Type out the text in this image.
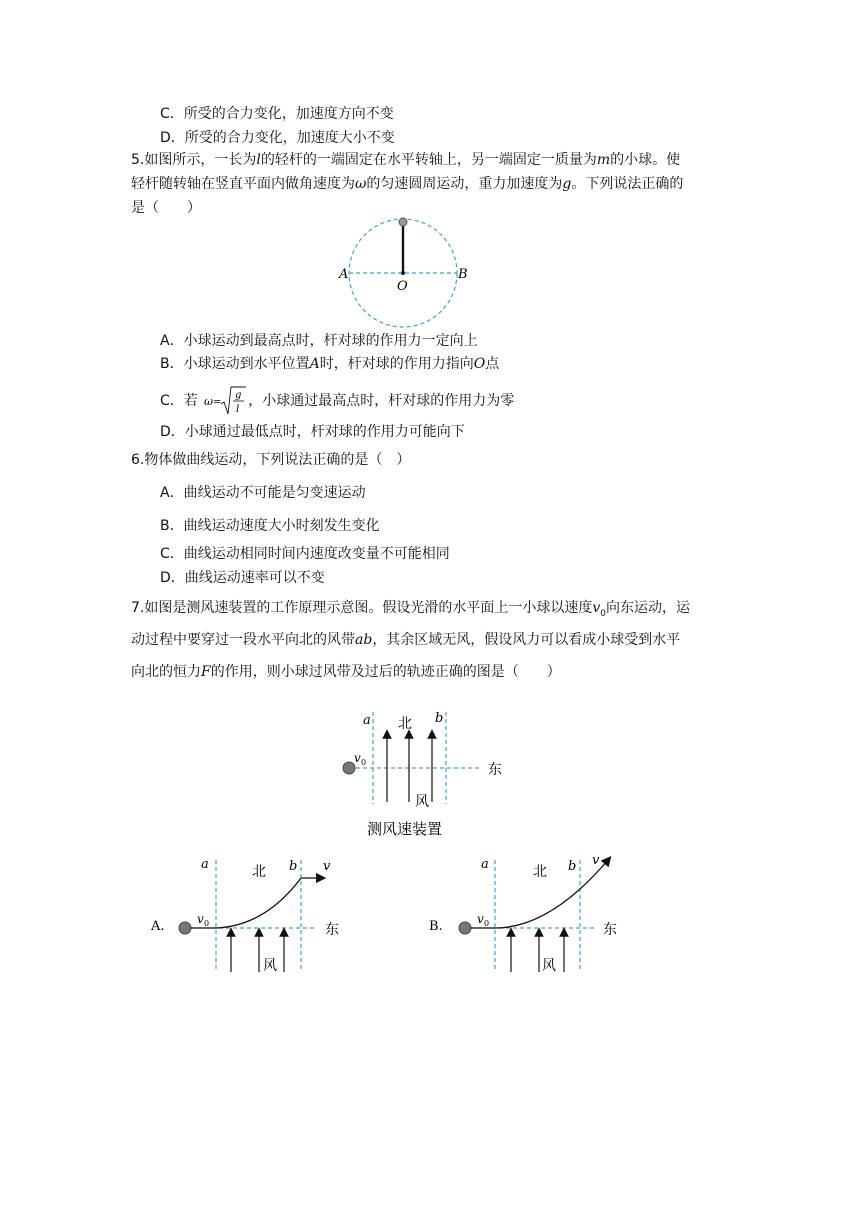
C．所受的合力变化，加速度方向不变
D．所受的合力变化，加速度大小不变
5.如图所示，一长为l的轻杆的一端固定在水平转轴上，另一端固定一质量为m的小球。使
轻杆随转轴在竖直平面内做角速度为ω的匀速圆周运动，重力加速度为g。下列说法正确的
是（　　）
A	B
O
A．小球运动到最高点时，杆对球的作用力一定向上
B．小球运动到水平位置A时，杆对球的作用力指向O点
C．若 ω =
g
l
，小球通过最高点时，杆对球的作用力为零
D．小球通过最低点时，杆对球的作用力可能向下
6.物体做曲线运动，下列说法正确的是（　）
A．曲线运动不可能是匀变速运动
B．曲线运动速度大小时刻发生变化
C．曲线运动相同时间内速度改变量不可能相同
D．曲线运动速率可以不变
7.如图是测风速装置的工作原理示意图。假设光滑的水平面上一小球以速度$v_0$向东运动，运
动过程中要穿过一段水平向北的风带ab，其余区域无风，假设风力可以看成小球受到水平
向北的恒力F的作用，则小球过风带及过后的轨迹正确的图是（　　）
a 北 b
v 0	东
风
测风速装置
A.
a	北 b v
v 0	东
风
B.
a	北 b v
v 0	东
风
